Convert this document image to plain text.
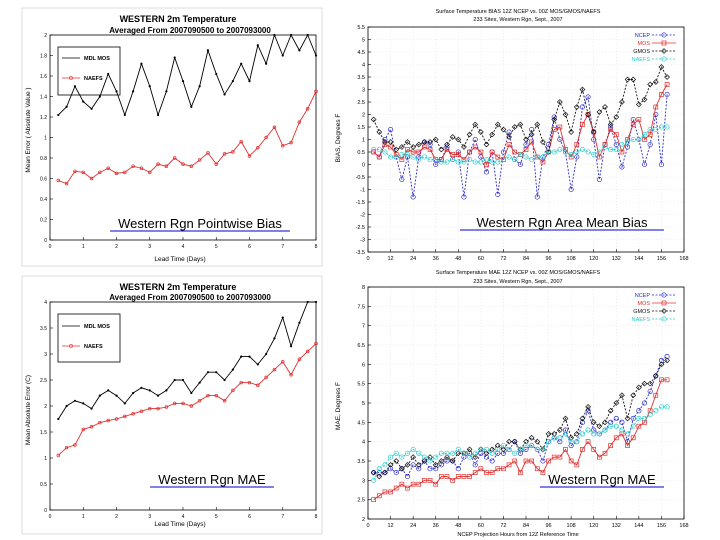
WESTERN 2m Temperature
Averaged From 2007090500 to 2007093000
Mean Error ( Absolute Value )
Lead Time (Days)
MDL MOS
NAEFS
Western Rgn Pointwise Bias
Surface Temperature BIAS 12Z NCEP vs. 00Z MOS/GMOS/NAEFS
233 Sites, Western Rgn, Sept., 2007
BIAS, Degrees F
Western Rgn Area Mean Bias
WESTERN 2m Temperature
Averaged From 2007090500 to 2007093000
Mean Absolute Error (C)
Lead Time (Days)
MDL MOS
NAEFS
Western Rgn MAE
Surface Temperature MAE 12Z NCEP vs. 00Z MOS/GMOS/NAEFS
233 Sites, Western Rgn, Sept., 2007
MAE, Degrees F
NCEP Projection Hours from 12Z Reference Time
Western Rgn MAE
0
0.2
0.4
0.6
0.8
1
1.2
1.4
1.6
1.8
2
0	1	2	3	4	5	6	7	8
-3.5
-3
-2.5
-2
-1.5
-1
-0.5
0
0.5
1
1.5
2
2.5
3
3.5
4
4.5
5
5.5
0	12	24	36	48	60	72	84	96	108 120 132 144 156 168
NCEP
MOS
GMOS
NAEFS
0
0.5
1
1.5
2
2.5
3
3.5
4
0	1	2	3	4	5	6	7	8	2
2.5
3
3.5
4
4.5
5
5.5
6
6.5
7
7.5
8
0	12	24	36	48	60	72	84	96	108 120 132 144 156 168
NCEP
MOS
GMOS
NAEFS
